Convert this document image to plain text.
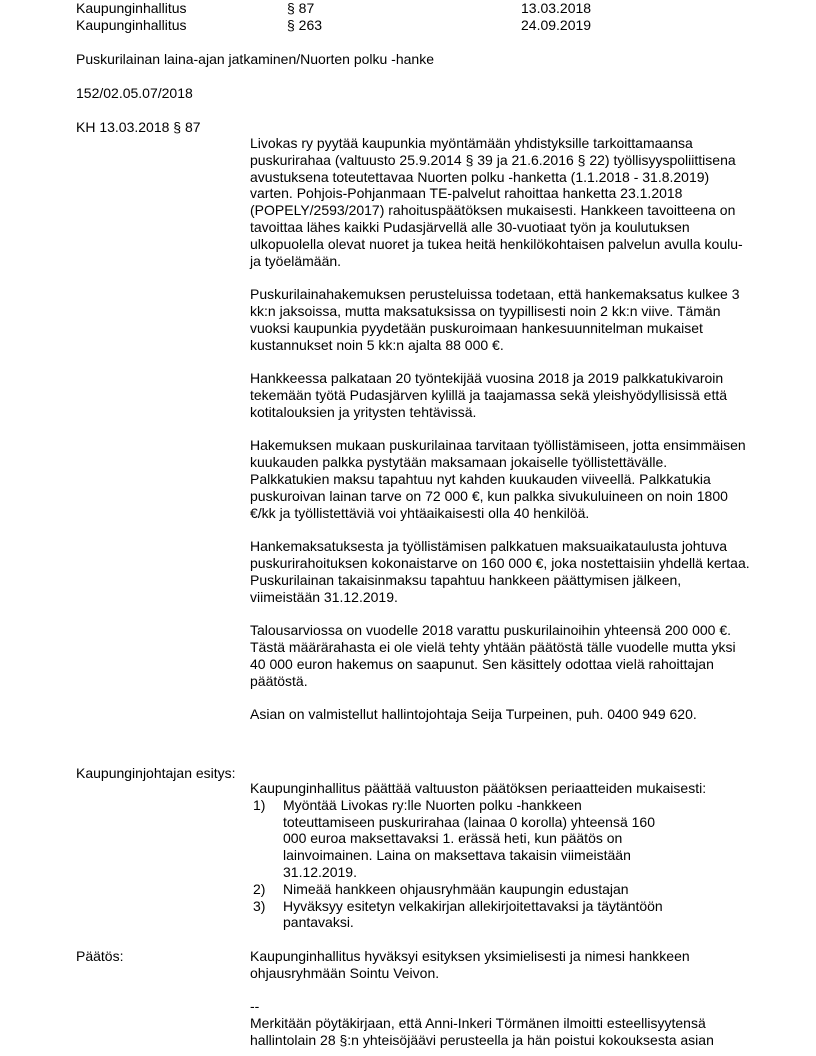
Kaupunginhallitus	§ 87	13.03.2018
Kaupunginhallitus	§ 263	24.09.2019
Puskurilainan laina-ajan jatkaminen/Nuorten polku -hanke
152/02.05.07/2018
KH 13.03.2018 § 87

Livokas ry pyytää kaupunkia myöntämään yhdistyksille tarkoittamaansa puskurirahaa (valtuusto 25.9.2014 § 39 ja 21.6.2016 § 22) työllisyyspoliittisena avustuksena toteutettavaa Nuorten polku -hanketta (1.1.2018 - 31.8.2019) varten. Pohjois-Pohjanmaan TE-palvelut rahoittaa hanketta 23.1.2018 (POPELY/2593/2017) rahoituspäätöksen mukaisesti. Hankkeen tavoitteena on tavoittaa lähes kaikki Pudasjärvellä alle 30-vuotiaat työn ja koulutuksen ulkopuolella olevat nuoret ja tukea heitä henkilökohtaisen palvelun avulla koulu- ja työelämään.

Puskurilainahakemuksen perusteluissa todetaan, että hankemaksatus kulkee 3 kk:n jaksoissa, mutta maksatuksissa on tyypillisesti noin 2 kk:n viive. Tämän vuoksi kaupunkia pyydetään puskuroimaan hankesuunnitelman mukaiset kustannukset noin 5 kk:n ajalta 88 000 €.

Hankkeessa palkataan 20 työntekijää vuosina 2018 ja 2019 palkkatukivaroin tekemään työtä Pudasjärven kylillä ja taajamassa sekä yleishyödyllisissä että kotitalouksien ja yritysten tehtävissä.

Hakemuksen mukaan puskurilainaa tarvitaan työllistämiseen, jotta ensimmäisen kuukauden palkka pystytään maksamaan jokaiselle työllistettävälle. Palkkatukien maksu tapahtuu nyt kahden kuukauden viiveellä. Palkkatukia puskuroivan lainan tarve on 72 000 €, kun palkka sivukuluineen on noin 1800 €/kk ja työllistettäviä voi yhtäaikaisesti olla 40 henkilöä.

Hankemaksatuksesta ja työllistämisen palkkatuen maksuaikataulusta johtuva puskurirahoituksen kokonaistarve on 160 000 €, joka nostettaisiin yhdellä kertaa. Puskurilainan takaisinmaksu tapahtuu hankkeen päättymisen jälkeen, viimeistään 31.12.2019.

Talousarviossa on vuodelle 2018 varattu puskurilainoihin yhteensä 200 000 €. Tästä määrärahasta ei ole vielä tehty yhtään päätöstä tälle vuodelle mutta yksi 40 000 euron hakemus on saapunut. Sen käsittely odottaa vielä rahoittajan päätöstä.

Asian on valmistellut hallintojohtaja Seija Turpeinen, puh. 0400 949 620.

Kaupunginjohtajan esitys:
Kaupunginhallitus päättää valtuuston päätöksen periaatteiden mukaisesti:
1) Myöntää Livokas ry:lle Nuorten polku -hankkeen toteuttamiseen puskurirahaa (lainaa 0 korolla) yhteensä 160 000 euroa maksettavaksi 1. erässä heti, kun päätös on lainvoimainen. Laina on maksettava takaisin viimeistään 31.12.2019.
2) Nimeää hankkeen ohjausryhmään kaupungin edustajan
3) Hyväksyy esitetyn velkakirjan allekirjoitettavaksi ja täytäntöön pantavaksi.
Päätös:	Kaupunginhallitus hyväksyi esityksen yksimielisesti ja nimesi hankkeen ohjausryhmään Sointu Veivon.

--
Merkitään pöytäkirjaan, että Anni-Inkeri Törmänen ilmoitti esteellisyytensä hallintolain 28 §:n yhteisöjäävi perusteella ja hän poistui kokouksesta asian
